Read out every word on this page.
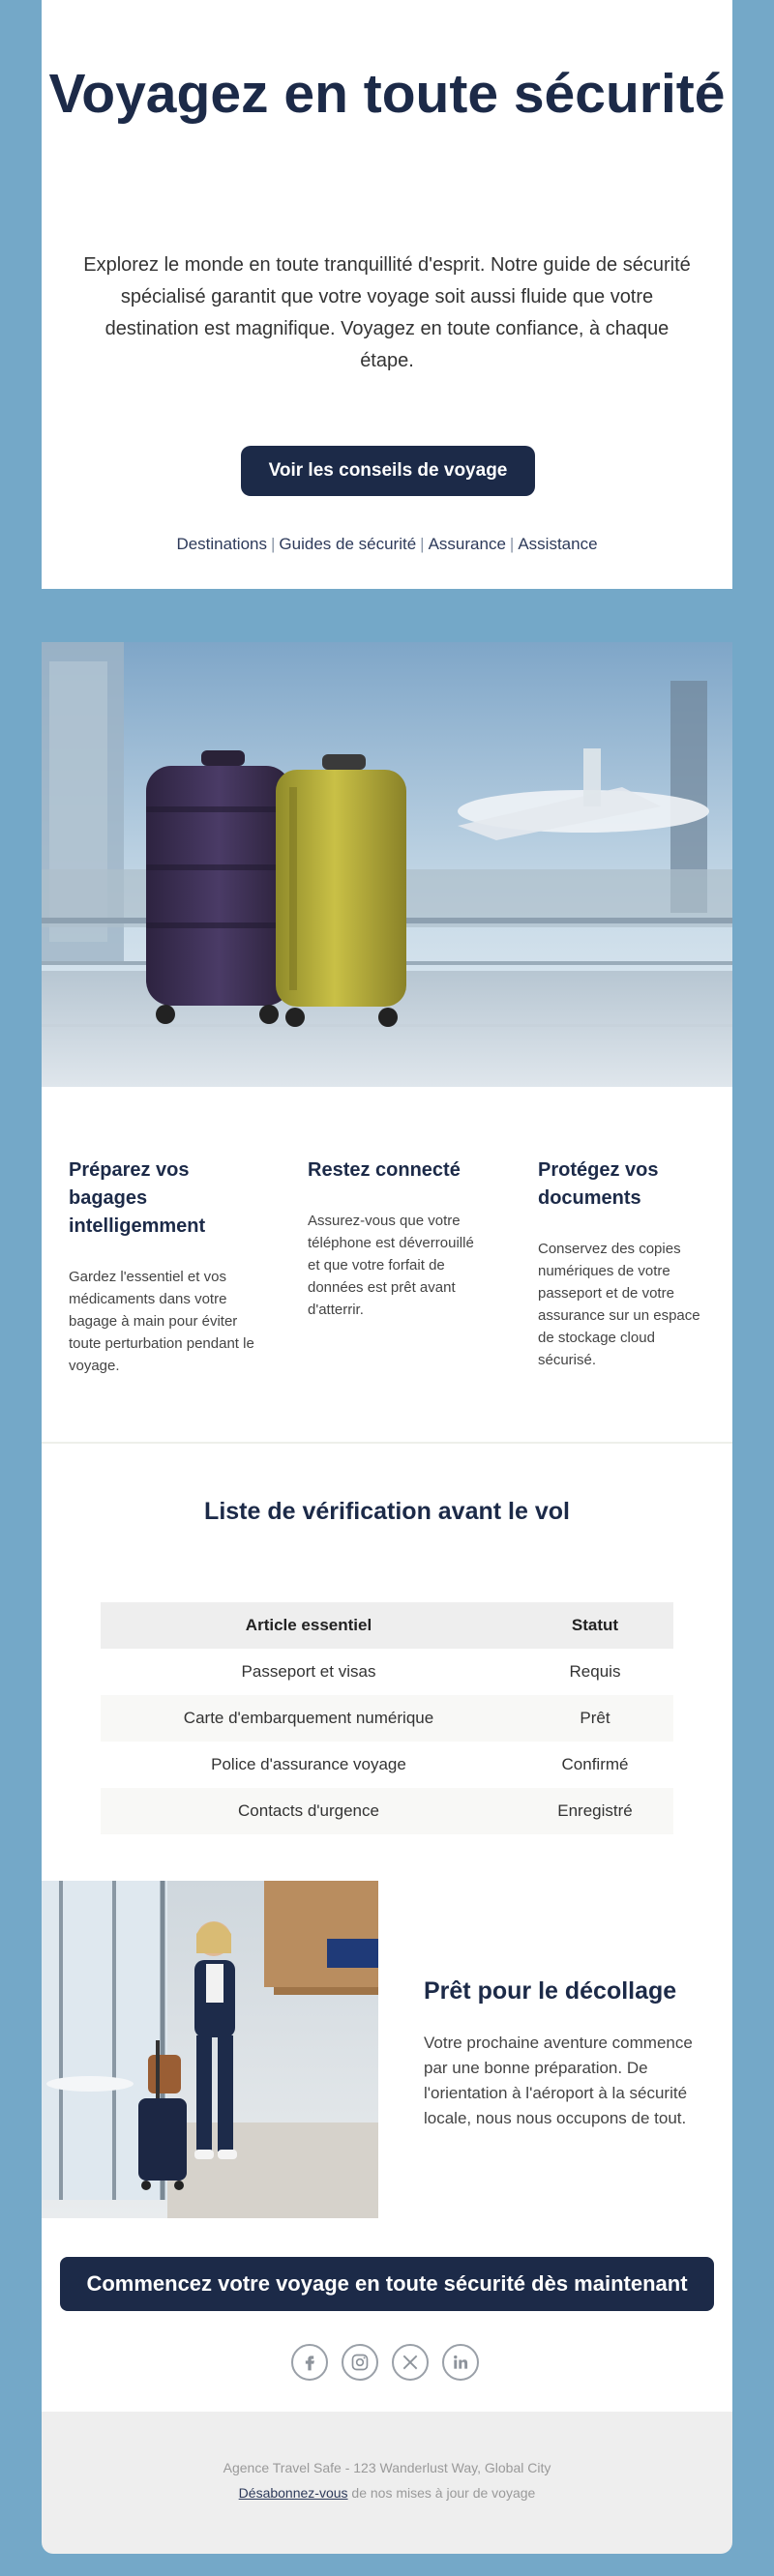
Voyagez en toute sécurité

Explorez le monde en toute tranquillité d'esprit. Notre guide de sécurité spécialisé garantit que votre voyage soit aussi fluide que votre destination est magnifique. Voyagez en toute confiance, à chaque étape.

Voir les conseils de voyage
Destinations | Guides de sécurité | Assurance | Assistance
Préparez vos bagages intelligemment

Gardez l'essentiel et vos médicaments dans votre bagage à main pour éviter toute perturbation pendant le voyage.

Restez connecté

Assurez-vous que votre téléphone est déverrouillé et que votre forfait de données est prêt avant d'atterrir.

Protégez vos documents

Conservez des copies numériques de votre passeport et de votre assurance sur un espace de stockage cloud sécurisé.

Liste de vérification avant le vol
Article essentiel	Statut
Passeport et visas	Requis
Carte d'embarquement numérique	Prêt
Police d'assurance voyage	Confirmé
Contacts d'urgence	Enregistré
Prêt pour le décollage

Votre prochaine aventure commence par une bonne préparation. De l'orientation à l'aéroport à la sécurité locale, nous nous occupons de tout.

Commencez votre voyage en toute sécurité dès maintenant
Agence Travel Safe - 123 Wanderlust Way, Global City
Désabonnez-vous de nos mises à jour de voyage
